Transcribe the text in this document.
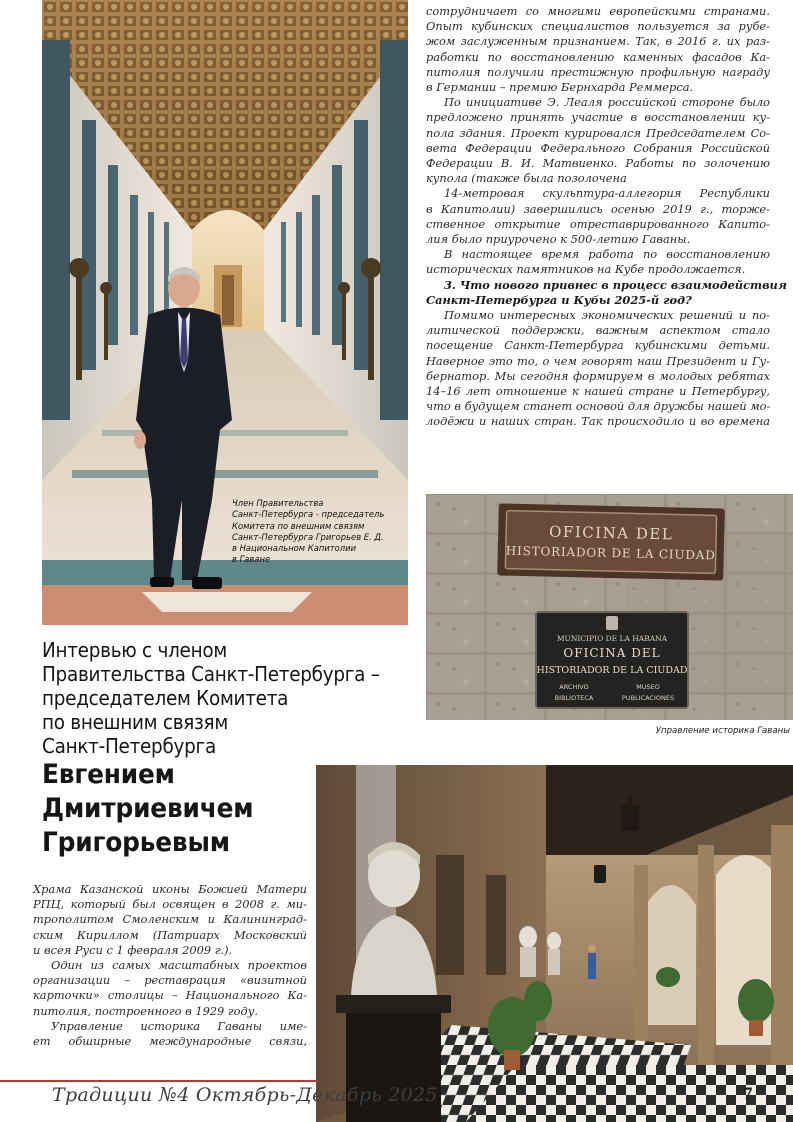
Член Правительства
Санкт-Петербурга - председатель
Комитета по внешним связям
Санкт-Петербурга Григорьев Е. Д.
в Национальном Капитолии
в Гаване
сотрудничает со многими европейскими странами.
Опыт кубинских специалистов пользуется за рубе-
жом заслуженным признанием. Так, в 2016 г. их раз-
работки по восстановлению каменных фасадов Ка-
питолия получили престижную профильную награду
в Германии – премию Бернхарда Реммерса.
По инициативе Э. Леаля российской стороне было
предложено принять участие в восстановлении ку-
пола здания. Проект курировался Председателем Со-
вета Федерации Федерального Собрания Российской
Федерации В. И. Матвиенко. Работы по золочению
купола (также была позолочена
14-метровая скульптура-аллегория Республики
в Капитолии) завершились осенью 2019 г., торже-
ственное открытие отреставрированного Капито-
лия было приурочено к 500-летию Гаваны.
В настоящее время работа по восстановлению
исторических памятников на Кубе продолжается.
3. Что нового привнес в процесс взаимодействия
Санкт-Петербурга и Кубы 2025-й год?
Помимо интересных экономических решений и по-
литической поддержки, важным аспектом стало
посещение Санкт-Петербурга кубинскими детьми.
Наверное это то, о чем говорят наш Президент и Гу-
бернатор. Мы сегодня формируем в молодых ребятах
14–16 лет отношение к нашей стране и Петербургу,
что в будущем станет основой для дружбы нашей мо-
лодёжи и наших стран. Так происходило и во времена
OFICINA DEL
HISTORIADOR DE LA CIUDAD
MUNICIPIO DE LA HABANA
OFICINA DEL
HISTORIADOR DE LA CIUDAD
ARCHIVO
BIBLIOTECA
MUSEO
PUBLICACIONES
Управление историка Гаваны
Интервью с членом
Правительства Санкт-Петербурга –
председателем Комитета
по внешним связям
Санкт-Петербурга
Евгением
Дмитриевичем
Григорьевым
Храма Казанской иконы Божией Матери
РПЦ, который был освящен в 2008 г. ми-
трополитом Смоленским и Калининград-
ским Кириллом (Патриарх Московский
и всея Руси с 1 февраля 2009 г.).
Один из самых масштабных проектов
организации – реставрация «визитной
карточки» столицы – Национального Ка-
питолия, построенного в 1929 году.
Управление историка Гаваны име-
ет обширные международные связи,
Традиции №4 Октябрь-Декабрь 2025	7
